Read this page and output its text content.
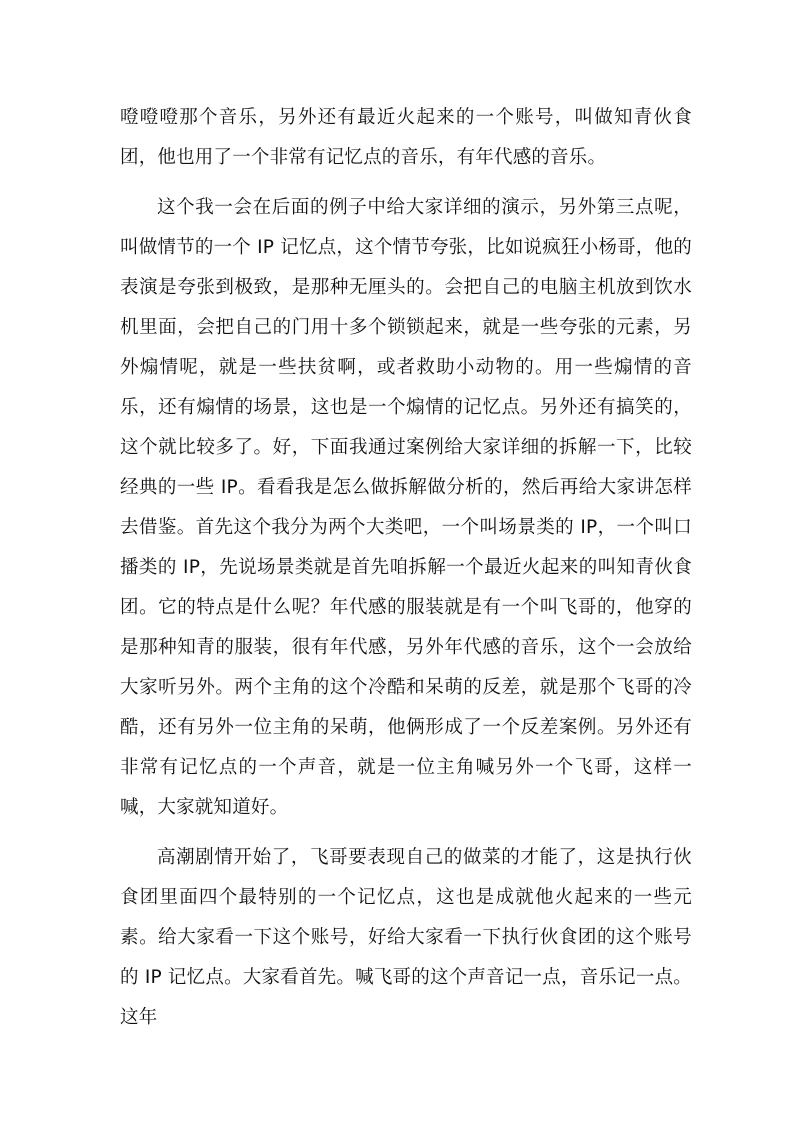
噔噔噔那个音乐，另外还有最近火起来的一个账号，叫做知青伙食团，他也用了一个非常有记忆点的音乐，有年代感的音乐。

这个我一会在后面的例子中给大家详细的演示，另外第三点呢，叫做情节的一个 IP 记忆点，这个情节夸张，比如说疯狂小杨哥，他的表演是夸张到极致，是那种无厘头的。会把自己的电脑主机放到饮水机里面，会把自己的门用十多个锁锁起来，就是一些夸张的元素，另外煽情呢，就是一些扶贫啊，或者救助小动物的。用一些煽情的音乐，还有煽情的场景，这也是一个煽情的记忆点。另外还有搞笑的，这个就比较多了。好，下面我通过案例给大家详细的拆解一下，比较经典的一些 IP。看看我是怎么做拆解做分析的，然后再给大家讲怎样去借鉴。首先这个我分为两个大类吧，一个叫场景类的 IP，一个叫口播类的 IP，先说场景类就是首先咱拆解一个最近火起来的叫知青伙食团。它的特点是什么呢？年代感的服装就是有一个叫飞哥的，他穿的是那种知青的服装，很有年代感，另外年代感的音乐，这个一会放给大家听另外。两个主角的这个冷酷和呆萌的反差，就是那个飞哥的冷酷，还有另外一位主角的呆萌，他俩形成了一个反差案例。另外还有非常有记忆点的一个声音，就是一位主角喊另外一个飞哥，这样一喊，大家就知道好。

高潮剧情开始了，飞哥要表现自己的做菜的才能了，这是执行伙食团里面四个最特别的一个记忆点，这也是成就他火起来的一些元素。给大家看一下这个账号，好给大家看一下执行伙食团的这个账号的 IP 记忆点。大家看首先。喊飞哥的这个声音记一点，音乐记一点。这年
